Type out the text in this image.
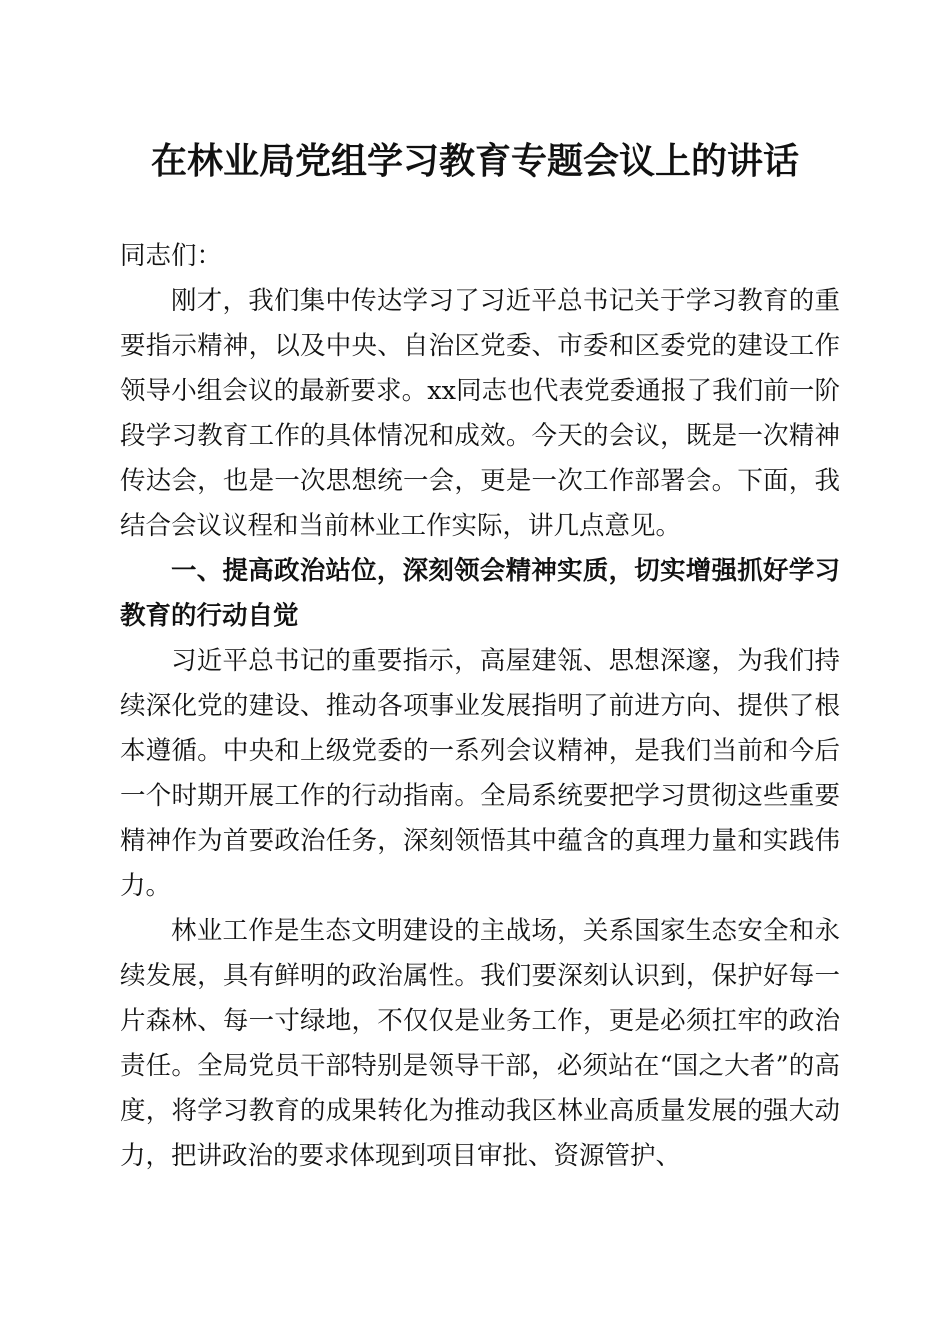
在林业局党组学习教育专题会议上的讲话

同志们：

刚才，我们集中传达学习了习近平总书记关于学习教育的重要指示精神，以及中央、自治区党委、市委和区委党的建设工作领导小组会议的最新要求。xx同志也代表党委通报了我们前一阶段学习教育工作的具体情况和成效。今天的会议，既是一次精神传达会，也是一次思想统一会，更是一次工作部署会。下面，我结合会议议程和当前林业工作实际，讲几点意见。

一、提高政治站位，深刻领会精神实质，切实增强抓好学习教育的行动自觉

习近平总书记的重要指示，高屋建瓴、思想深邃，为我们持续深化党的建设、推动各项事业发展指明了前进方向、提供了根本遵循。中央和上级党委的一系列会议精神，是我们当前和今后一个时期开展工作的行动指南。全局系统要把学习贯彻这些重要精神作为首要政治任务，深刻领悟其中蕴含的真理力量和实践伟力。

林业工作是生态文明建设的主战场，关系国家生态安全和永续发展，具有鲜明的政治属性。我们要深刻认识到，保护好每一片森林、每一寸绿地，不仅仅是业务工作，更是必须扛牢的政治责任。全局党员干部特别是领导干部，必须站在“国之大者”的高度，将学习教育的成果转化为推动我区林业高质量发展的强大动力，把讲政治的要求体现到项目审批、资源管护、
